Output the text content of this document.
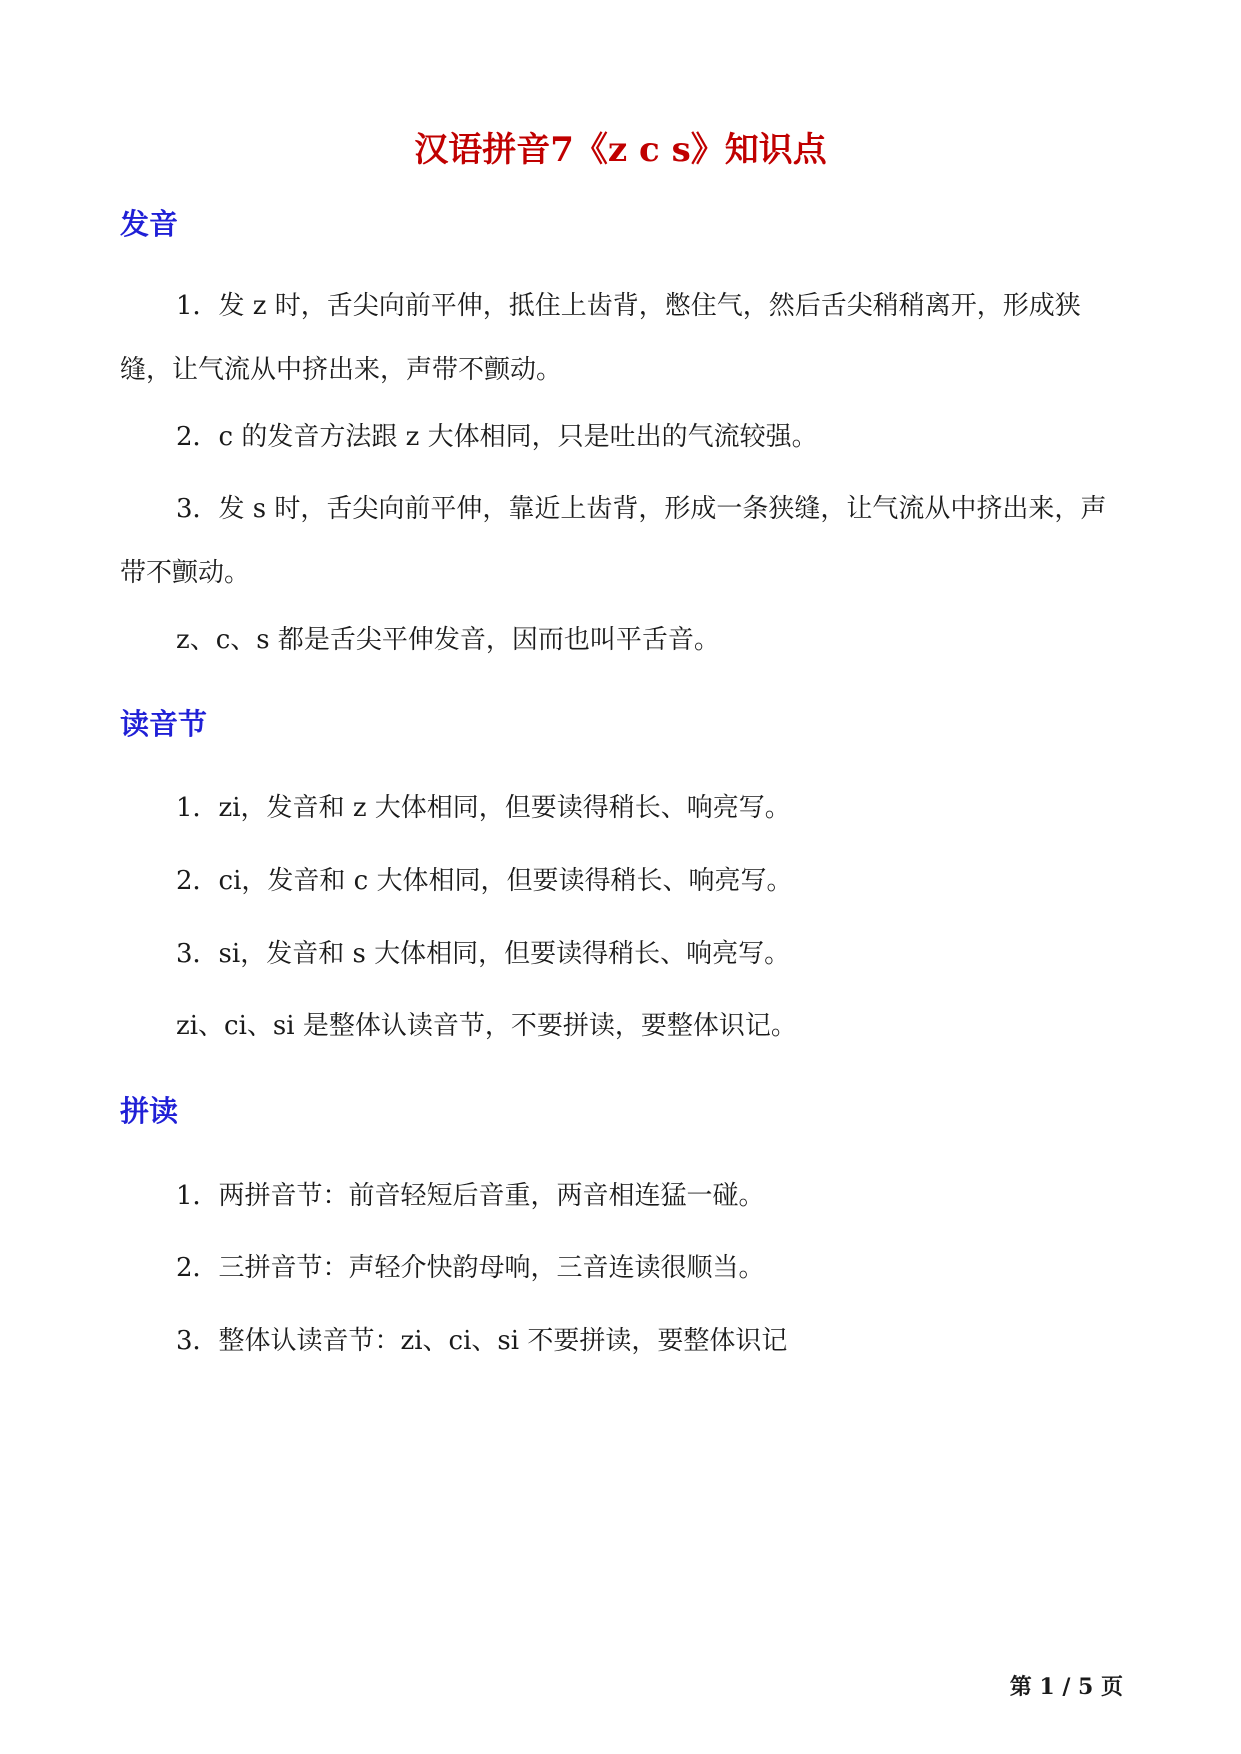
汉语拼音7《z c s》知识点
发音

1．发 z 时，舌尖向前平伸，抵住上齿背，憋住气，然后舌尖稍稍离开，形成狭缝，让气流从中挤出来，声带不颤动。

2．c 的发音方法跟 z 大体相同，只是吐出的气流较强。

3．发 s 时，舌尖向前平伸，靠近上齿背，形成一条狭缝，让气流从中挤出来，声带不颤动。

z、c、s 都是舌尖平伸发音，因而也叫平舌音。

读音节

1．zi，发音和 z 大体相同，但要读得稍长、响亮写。

2．ci，发音和 c 大体相同，但要读得稍长、响亮写。

3．si，发音和 s 大体相同，但要读得稍长、响亮写。

zi、ci、si 是整体认读音节，不要拼读，要整体识记。

拼读

1．两拼音节：前音轻短后音重，两音相连猛一碰。

2．三拼音节：声轻介快韵母响，三音连读很顺当。

3．整体认读音节：zi、ci、si 不要拼读，要整体识记

第 1 / 5 页
